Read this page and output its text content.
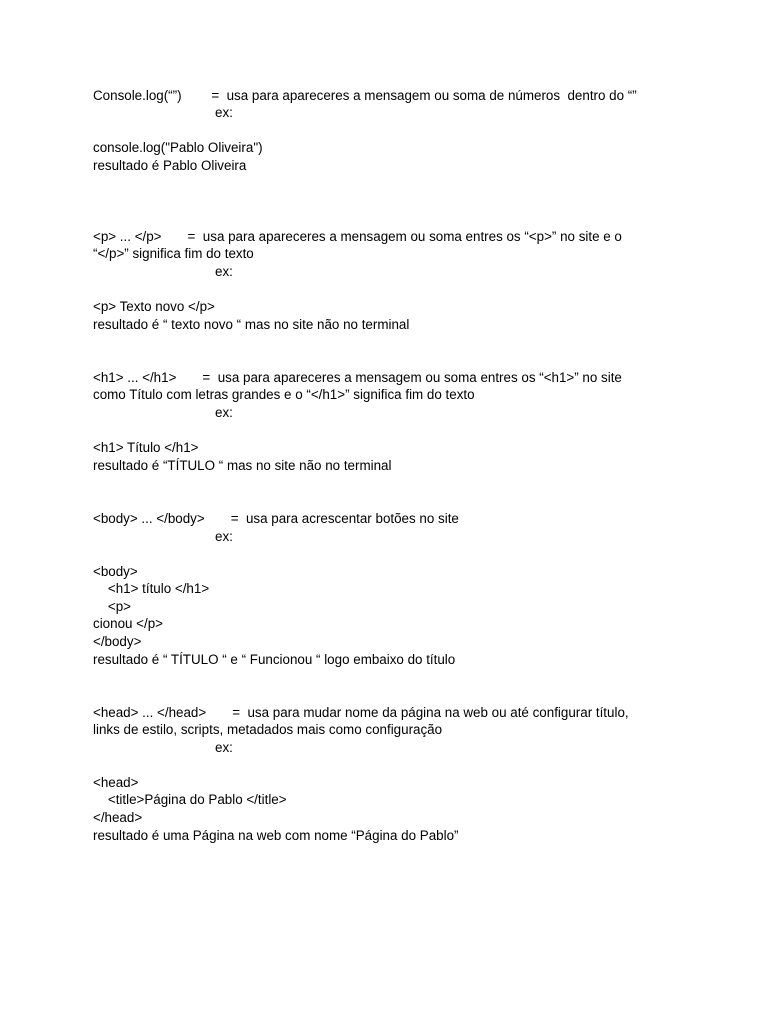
Console.log(“”)        =  usa para apareceres a mensagem ou soma de números  dentro do “”
ex:
console.log("Pablo Oliveira")
resultado é Pablo Oliveira
<p> ... </p>       =  usa para apareceres a mensagem ou soma entres os “<p>” no site e o
“</p>” significa fim do texto
ex:
<p> Texto novo </p>
resultado é “ texto novo “ mas no site não no terminal
<h1> ... </h1>       =  usa para apareceres a mensagem ou soma entres os “<h1>” no site
como Título com letras grandes e o “</h1>” significa fim do texto
ex:
<h1> Título </h1>
resultado é “TÍTULO “ mas no site não no terminal
<body> ... </body>       =  usa para acrescentar botões no site
ex:
<body>
<h1> título </h1>
<p>
cionou </p>
</body>
resultado é “ TÍTULO “ e “ Funcionou “ logo embaixo do título
<head> ... </head>       =  usa para mudar nome da página na web ou até configurar título,
links de estilo, scripts, metadados mais como configuração
ex:
<head>
<title>Página do Pablo </title>
</head>
resultado é uma Página na web com nome “Página do Pablo”
